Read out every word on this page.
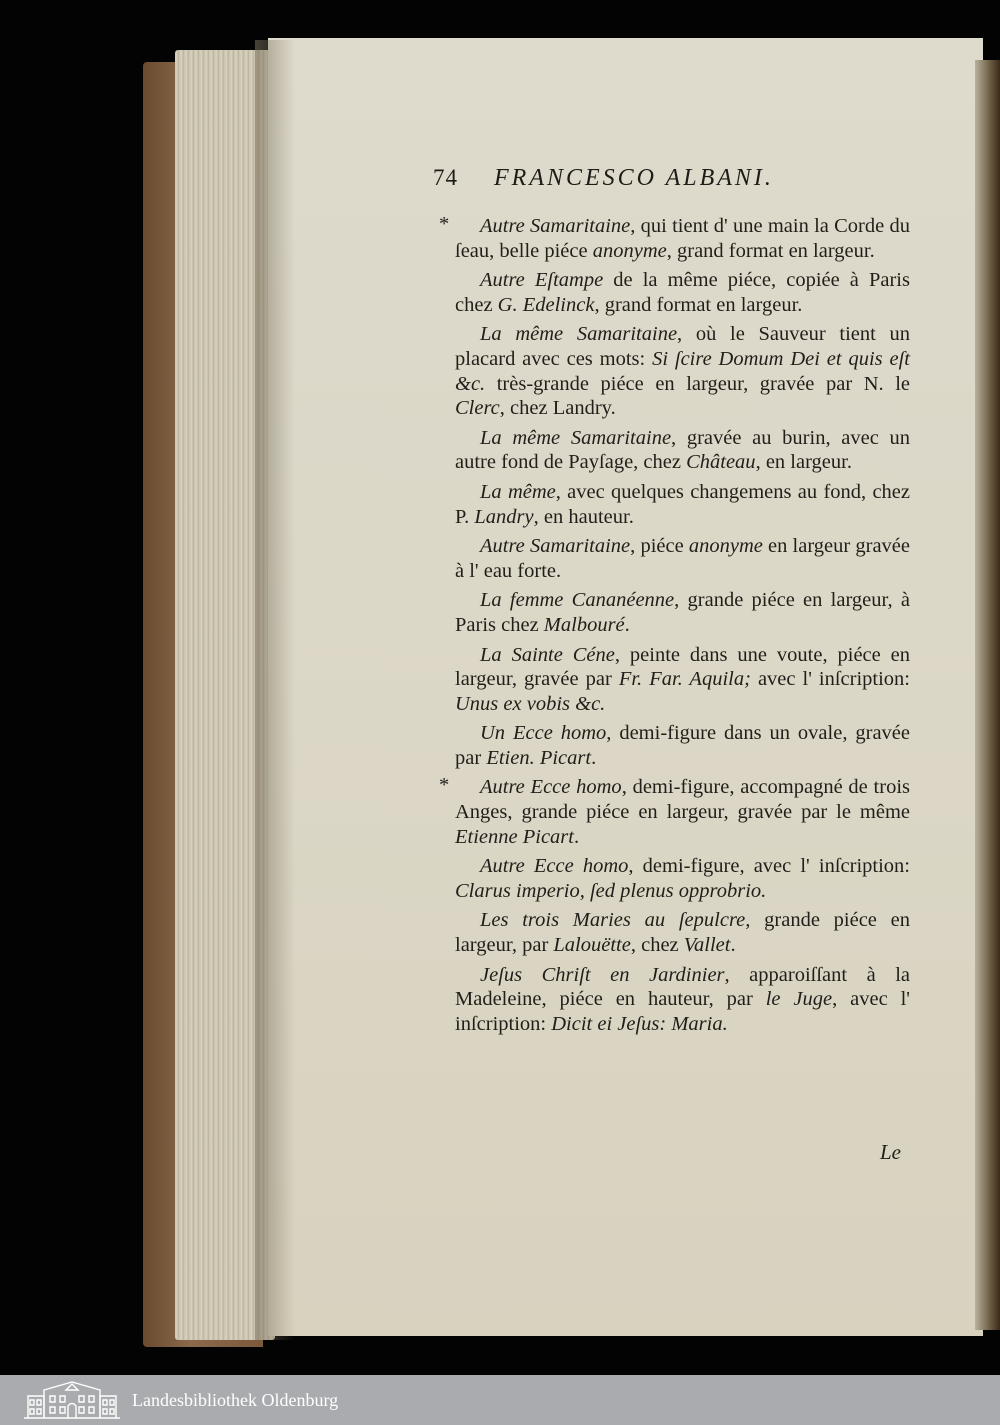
74 FRANCESCO ALBANI.

* Autre Samaritaine, qui tient d' une main la Corde du ſeau, belle piéce anonyme, grand format en largeur.

Autre Eſtampe de la même piéce, copiée à Paris chez G. Edelinck, grand format en largeur.

La même Samaritaine, où le Sauveur tient un placard avec ces mots: Si ſcire Domum Dei et quis eſt &c. très-grande piéce en largeur, gravée par N. le Clerc, chez Landry.

La même Samaritaine, gravée au burin, avec un autre fond de Payſage, chez Château, en largeur.

La même, avec quelques changemens au fond, chez P. Landry, en hauteur.

Autre Samaritaine, piéce anonyme en largeur gravée à l' eau forte.

La femme Cananéenne, grande piéce en largeur, à Paris chez Malbouré.

La Sainte Céne, peinte dans une voute, piéce en largeur, gravée par Fr. Far. Aquila; avec l' inſcription: Unus ex vobis &c.

Un Ecce homo, demi-figure dans un ovale, gravée par Etien. Picart.

* Autre Ecce homo, demi-figure, accompagné de trois Anges, grande piéce en largeur, gravée par le même Etienne Picart.

Autre Ecce homo, demi-figure, avec l' inſcription: Clarus imperio, ſed plenus opprobrio.

Les trois Maries au ſepulcre, grande piéce en largeur, par Lalouëtte, chez Vallet.

Jeſus Chriſt en Jardinier, apparoiſſant à la Madeleine, piéce en hauteur, par le Juge, avec l' inſcription: Dicit ei Jeſus: Maria.

Le
Landesbibliothek Oldenburg
